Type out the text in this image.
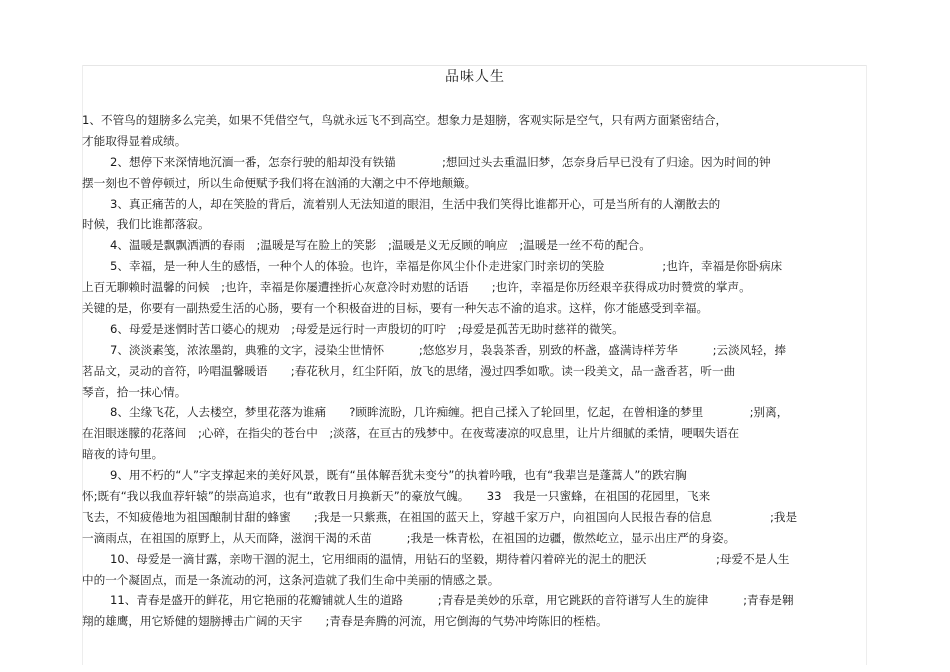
品味人生
1、不管鸟的翅膀多么完美，如果不凭借空气，鸟就永远飞不到高空。想象力是翅膀，客观实际是空气，只有两方面紧密结合，
才能取得显着成绩。
2、想停下来深情地沉湎一番，怎奈行驶的船却没有铁锚　　　　;想回过头去重温旧梦，怎奈身后早已没有了归途。因为时间的钟
摆一刻也不曾停顿过，所以生命便赋予我们将在汹涌的大潮之中不停地颠簸。
3、真正痛苦的人，却在笑脸的背后，流着别人无法知道的眼泪，生活中我们笑得比谁都开心，可是当所有的人潮散去的
时候，我们比谁都落寂。
4、温暖是飘飘洒洒的春雨　;温暖是写在脸上的笑影　;温暖是义无反顾的响应　;温暖是一丝不苟的配合。
5、幸福，是一种人生的感悟，一种个人的体验。也许，幸福是你风尘仆仆走进家门时亲切的笑脸　　　　　;也许，幸福是你卧病床
上百无聊赖时温馨的问候　;也许，幸福是你屡遭挫折心灰意冷时劝慰的话语　　;也许，幸福是你历经艰辛获得成功时赞赏的掌声。
关键的是，你要有一副热爱生活的心肠，要有一个积极奋进的目标，要有一种矢志不渝的追求。这样，你才能感受到幸福。
6、母爱是迷惘时苦口婆心的规劝　;母爱是远行时一声殷切的叮咛　;母爱是孤苦无助时慈祥的微笑。
7、淡淡素笺，浓浓墨韵，典雅的文字，浸染尘世情怀　　　;悠悠岁月，袅袅茶香，别致的杯盏，盛满诗样芳华　　　;云淡风轻，捧
茗品文，灵动的音符，吟唱温馨暖语　　;春花秋月，红尘阡陌，放飞的思绪，漫过四季如歌。读一段美文，品一盏香茗，听一曲
琴音，拾一抹心情。
8、尘缘飞花，人去楼空，梦里花落为谁痛　　?顾眸流盼，几许痴缠。把自己揉入了轮回里，忆起，在曾相逢的梦里　　　　;别离，
在泪眼迷朦的花落间　;心碎，在指尖的苍台中　;淡落，在亘古的残梦中。在夜莺凄凉的叹息里，让片片细腻的柔情，哽咽失语在
暗夜的诗句里。
9、用不朽的“人”字支撑起来的美好风景，既有“虽体解吾犹未变兮”的执着吟哦，也有“我辈岂是蓬蒿人”的跌宕胸
怀;既有“我以我血荐轩辕”的崇高追求，也有“敢教日月换新天”的豪放气魄。　　33　我是一只蜜蜂，在祖国的花园里，飞来
飞去，不知疲倦地为祖国酿制甘甜的蜂蜜　　;我是一只紫燕，在祖国的蓝天上，穿越千家万户，向祖国向人民报告春的信息　　　　　;我是
一滴雨点，在祖国的原野上，从天而降，滋润干渴的禾苗　　　;我是一株青松，在祖国的边疆，傲然屹立，显示出庄严的身姿。
10、母爱是一滴甘露，亲吻干涸的泥土，它用细雨的温情，用钻石的坚毅，期待着闪着碎光的泥土的肥沃　　　　　　;母爱不是人生
中的一个凝固点，而是一条流动的河，这条河造就了我们生命中美丽的情感之景。
11、青春是盛开的鲜花，用它艳丽的花瓣铺就人生的道路　　　;青春是美妙的乐章，用它跳跃的音符谱写人生的旋律　　　;青春是翱
翔的雄鹰，用它矫健的翅膀搏击广阔的天宇　　;青春是奔腾的河流，用它倒海的气势冲垮陈旧的桎梏。
